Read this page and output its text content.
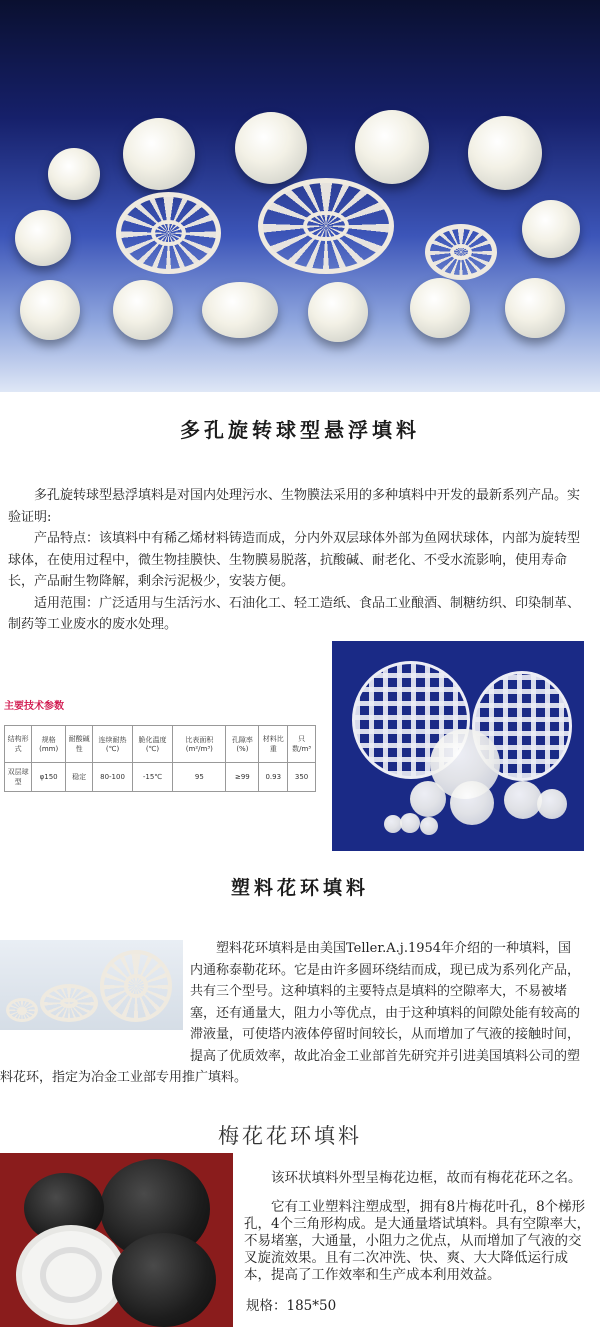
多孔旋转球型悬浮填料
多孔旋转球型悬浮填料是对国内处理污水、生物膜法采用的多种填料中开发的最新系列产品。实验证明:
产品特点：该填料中有稀乙烯材料铸造而成，分内外双层球体外部为鱼网状球体，内部为旋转型球体，在使用过程中，微生物挂膜快、生物膜易脱落，抗酸碱、耐老化、不受水流影响，使用寿命长，产品耐生物降解，剩余污泥极少，安装方便。
适用范围：广泛适用与生活污水、石油化工、轻工造纸、食品工业酿酒、制糖纺织、印染制革、制药等工业废水的废水处理。
主要技术参数
结构形式	规格(mm)	耐酸碱性	连续耐热(℃)	脆化温度(℃)	比表面积(m²/m³)	孔隙率(%)	材料比重	只数/m³
双层球型	φ150	稳定	80-100	-15℃	95	≥99	0.93	350
塑料花环填料
塑料花环填料是由美国Teller.A.j.1954年介绍的一种填料，国内通称泰勒花环。它是由许多圆环绕结而成，现已成为系列化产品，共有三个型号。这种填料的主要特点是填料的空隙率大，不易被堵塞，还有通量大，阻力小等优点，由于这种填料的间隙处能有较高的滞液量，可使塔内液体停留时间较长，从而增加了气液的接触时间，提高了优质效率，故此冶金工业部首先研究并引进美国填料公司的塑料花环，指定为冶金工业部专用推广填料。
梅花花环填料
该环状填料外型呈梅花边框，故而有梅花花环之名。
它有工业塑料注塑成型，拥有8片梅花叶孔，8个梯形孔，4个三角形构成。是大通量塔试填料。具有空隙率大，不易堵塞，大通量，小阻力之优点，从而增加了气液的交叉旋流效果。且有二次冲洗、快、爽、大大降低运行成本，提高了工作效率和生产成本利用效益。
规格：185*50
